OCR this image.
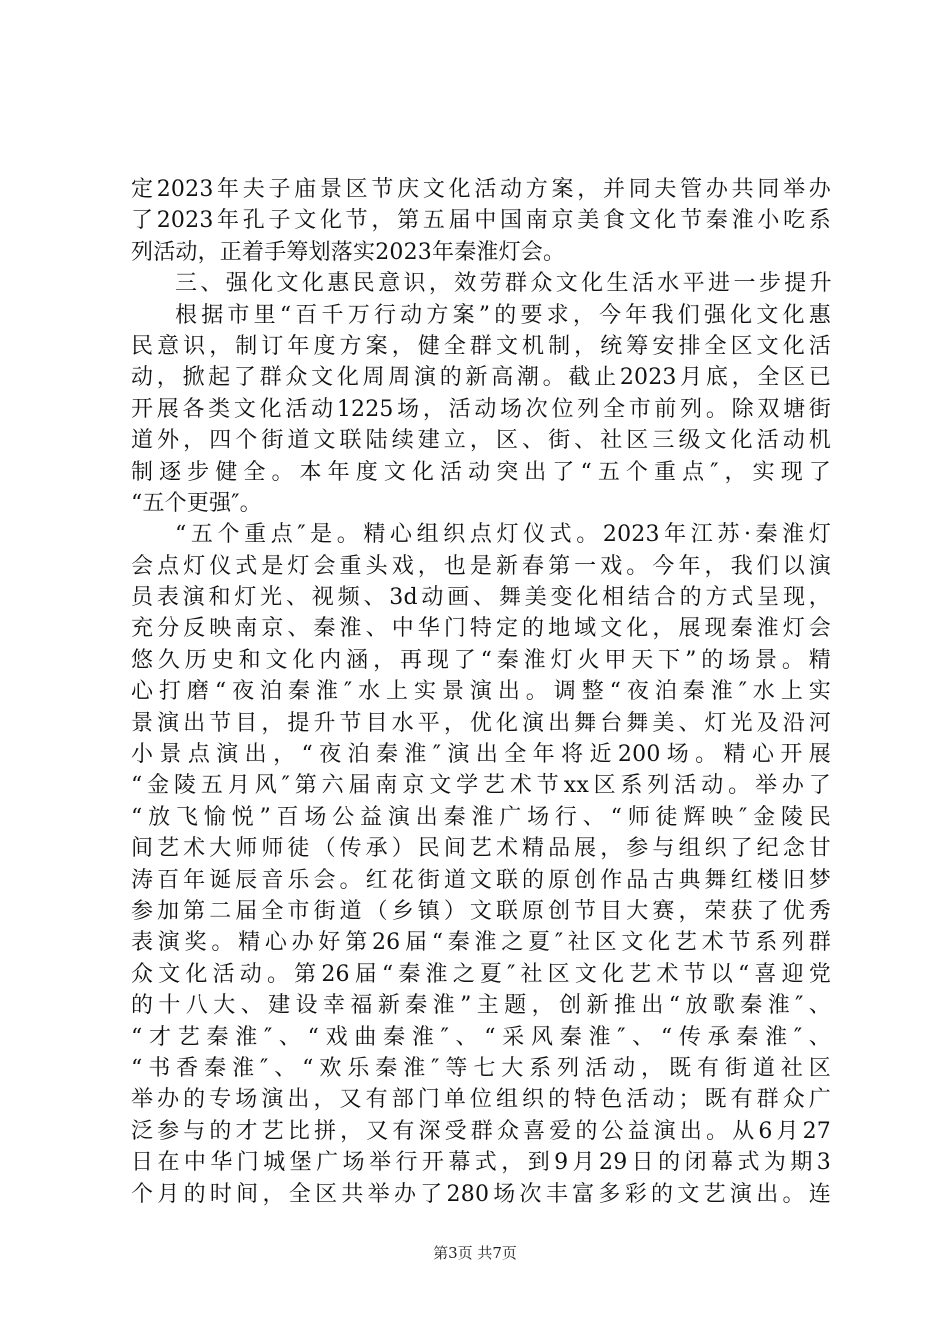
定2023年夫子庙景区节庆文化活动方案，并同夫管办共同举办
了2023年孔子文化节，第五届中国南京美食文化节秦淮小吃系
列活动，正着手筹划落实2023年秦淮灯会。
三、强化文化惠民意识，效劳群众文化生活水平进一步提升
根据市里“百千万行动方案”的要求，今年我们强化文化惠
民意识，制订年度方案，健全群文机制，统筹安排全区文化活
动，掀起了群众文化周周演的新高潮。截止2023月底，全区已
开展各类文化活动1225场，活动场次位列全市前列。除双塘街
道外，四个街道文联陆续建立，区、街、社区三级文化活动机
制逐步健全。本年度文化活动突出了“五个重点″，实现了
“五个更强″。
“五个重点″是。精心组织点灯仪式。2023年江苏·秦淮灯
会点灯仪式是灯会重头戏，也是新春第一戏。今年，我们以演
员表演和灯光、视频、3d动画、舞美变化相结合的方式呈现，
充分反映南京、秦淮、中华门特定的地域文化，展现秦淮灯会
悠久历史和文化内涵，再现了“秦淮灯火甲天下”的场景。精
心打磨“夜泊秦淮″水上实景演出。调整“夜泊秦淮″水上实
景演出节目，提升节目水平，优化演出舞台舞美、灯光及沿河
小景点演出，“夜泊秦淮″演出全年将近200场。精心开展
“金陵五月风″第六届南京文学艺术节xx区系列活动。举办了
“放飞愉悦”百场公益演出秦淮广场行、“师徒辉映″金陵民
间艺术大师师徒（传承）民间艺术精品展，参与组织了纪念甘
涛百年诞辰音乐会。红花街道文联的原创作品古典舞红楼旧梦
参加第二届全市街道（乡镇）文联原创节目大赛，荣获了优秀
表演奖。精心办好第26届“秦淮之夏″社区文化艺术节系列群
众文化活动。第26届“秦淮之夏″社区文化艺术节以“喜迎党
的十八大、建设幸福新秦淮”主题，创新推出“放歌秦淮″、
“才艺秦淮″、“戏曲秦淮″、“采风秦淮″、“传承秦淮″、
“书香秦淮″、“欢乐秦淮″等七大系列活动，既有街道社区
举办的专场演出，又有部门单位组织的特色活动；既有群众广
泛参与的才艺比拼，又有深受群众喜爱的公益演出。从6月27
日在中华门城堡广场举行开幕式，到9月29日的闭幕式为期3
个月的时间，全区共举办了280场次丰富多彩的文艺演出。连
第3页 共7页
